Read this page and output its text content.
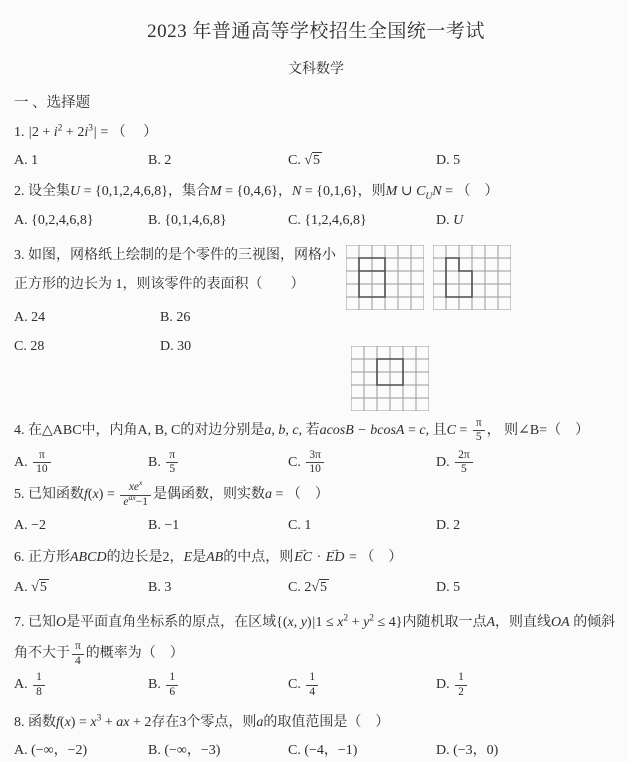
2023 年普通高等学校招生全国统一考试
文科数学
一 、选择题
1. $|2 + i^2 + 2i^3|$ = （　 ）
A. 1	B. 2	C. √5	D. 5
2. 设全集U = {0,1,2,4,6,8}，集合M = {0,4,6}，N = {0,1,6}，则M ∪ $C_UN$ = （　）
A. {0,2,4,6,8}	B. {0,1,4,6,8}	C. {1,2,4,6,8}	D. U
3. 如图，网格纸上绘制的是个零件的三视图，网格小正方形的边长为 1，则该零件的表面积（　　）
A. 24	B. 26
C. 28	D. 30
4. 在△ABC中，内角A, B, C的对边分别是a, b, c, 若acosB − bcosA = c, 且$C = \frac{\pi}{5}$ ， 则∠B=（　）
A. $\frac{\pi}{10}$	B. $\frac{\pi}{5}$	C. $\frac{3\pi}{10}$	D. $\frac{2\pi}{5}$
5. 已知函数$f(x) = \frac{xe^x}{e^{ax}-1}$ 是偶函数，则实数a = （　）
A. −2	B. −1	C. 1	D. 2
6. 正方形ABCD的边长是2，E是AB的中点，则→ EC · → ED = （　）
A. √5	B. 3	C. 2√5	D. 5
7. 已知O是平面直角坐标系的原点，在区域{(x, $y)|1 \le x^2 + y^2 \le 4$}内随机取一点A，则直线OA 的倾斜角不大于 $\frac{\pi}{4}$ 的概率为（　）
A. $\frac{1}{8}$	B. $\frac{1}{6}$	C. $\frac{1}{4}$	D. $\frac{1}{2}$
8. 函数$f(x) = x^3$ + ax + 2存在3个零点，则a的取值范围是（　）
A. (−∞，−2)	B. (−∞，−3)	C. (−4，−1)	D. (−3，0)
